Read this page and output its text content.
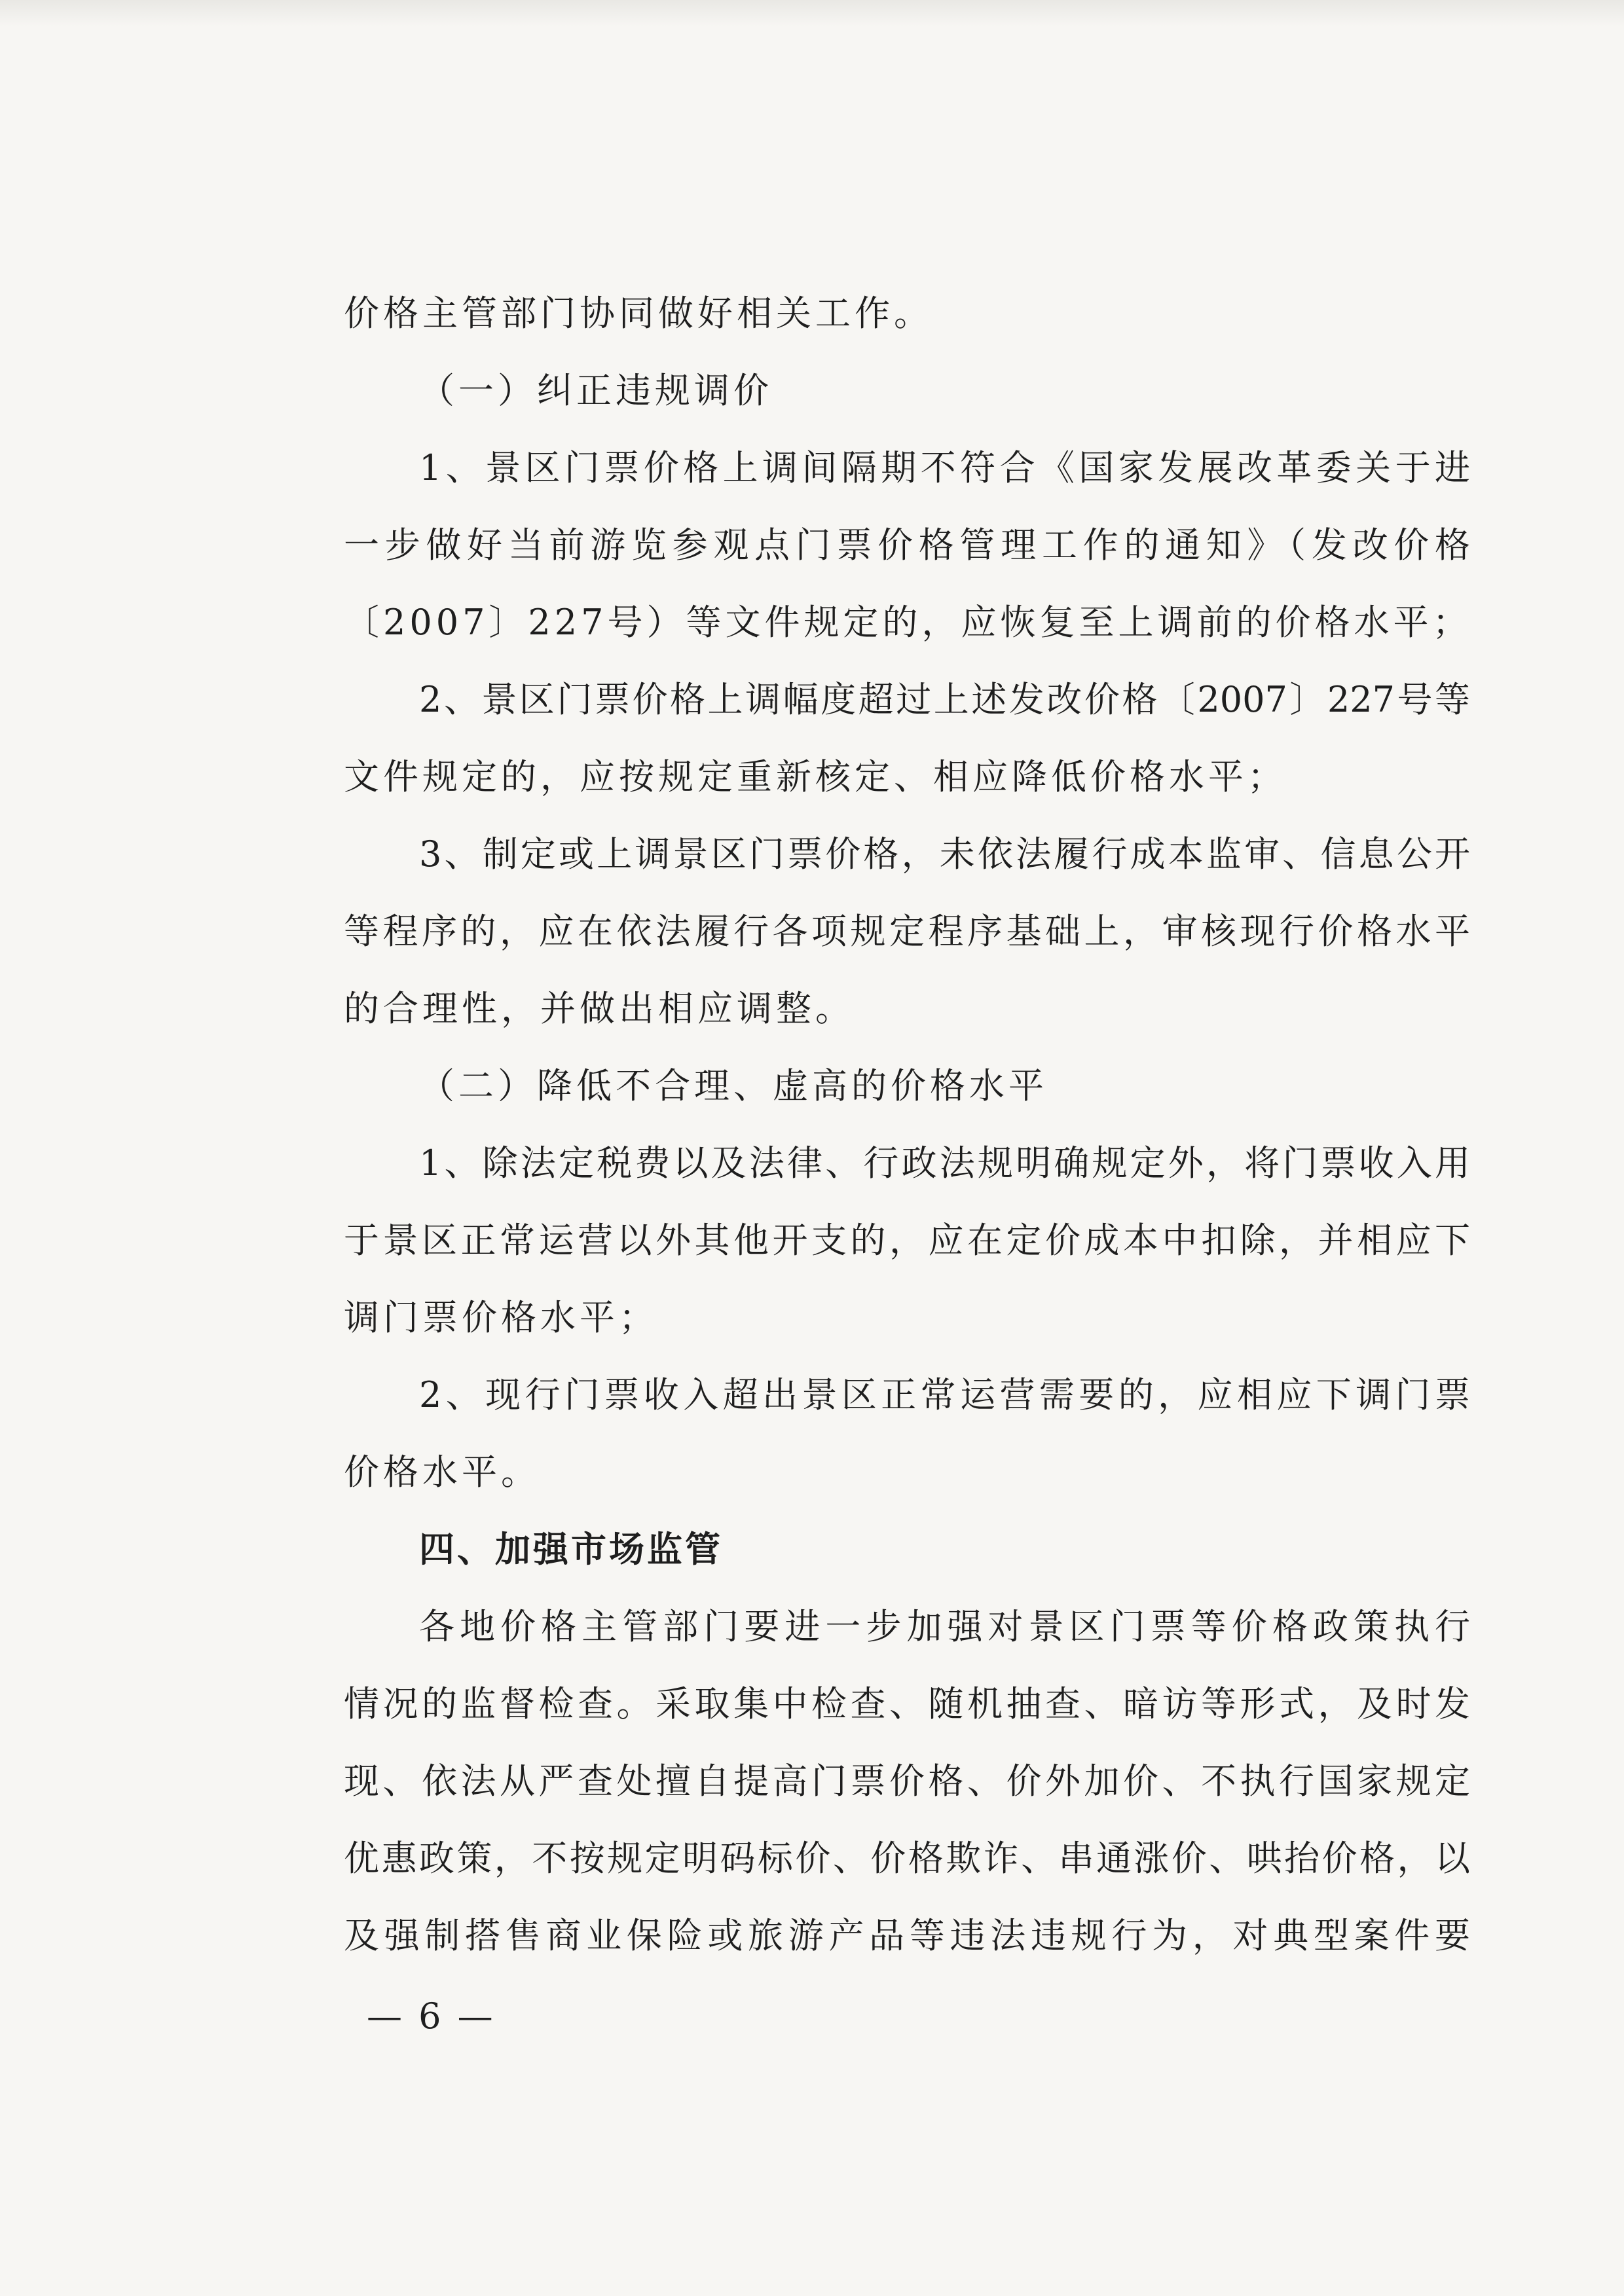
价格主管部门协同做好相关工作。
（一）纠正违规调价
1、景区门票价格上调间隔期不符合《国家发展改革委关于进
一步做好当前游览参观点门票价格管理工作的通知》（发改价格
〔2007〕227号）等文件规定的，应恢复至上调前的价格水平；
2、景区门票价格上调幅度超过上述发改价格〔2007〕227号等
文件规定的，应按规定重新核定、相应降低价格水平；
3、制定或上调景区门票价格，未依法履行成本监审、信息公开
等程序的，应在依法履行各项规定程序基础上，审核现行价格水平
的合理性，并做出相应调整。
（二）降低不合理、虚高的价格水平
1、除法定税费以及法律、行政法规明确规定外，将门票收入用
于景区正常运营以外其他开支的，应在定价成本中扣除，并相应下
调门票价格水平；
2、现行门票收入超出景区正常运营需要的，应相应下调门票
价格水平。
四、加强市场监管
各地价格主管部门要进一步加强对景区门票等价格政策执行
情况的监督检查。采取集中检查、随机抽查、暗访等形式，及时发
现、依法从严查处擅自提高门票价格、价外加价、不执行国家规定
优惠政策，不按规定明码标价、价格欺诈、串通涨价、哄抬价格，以
及强制搭售商业保险或旅游产品等违法违规行为，对典型案件要
— 6 —
